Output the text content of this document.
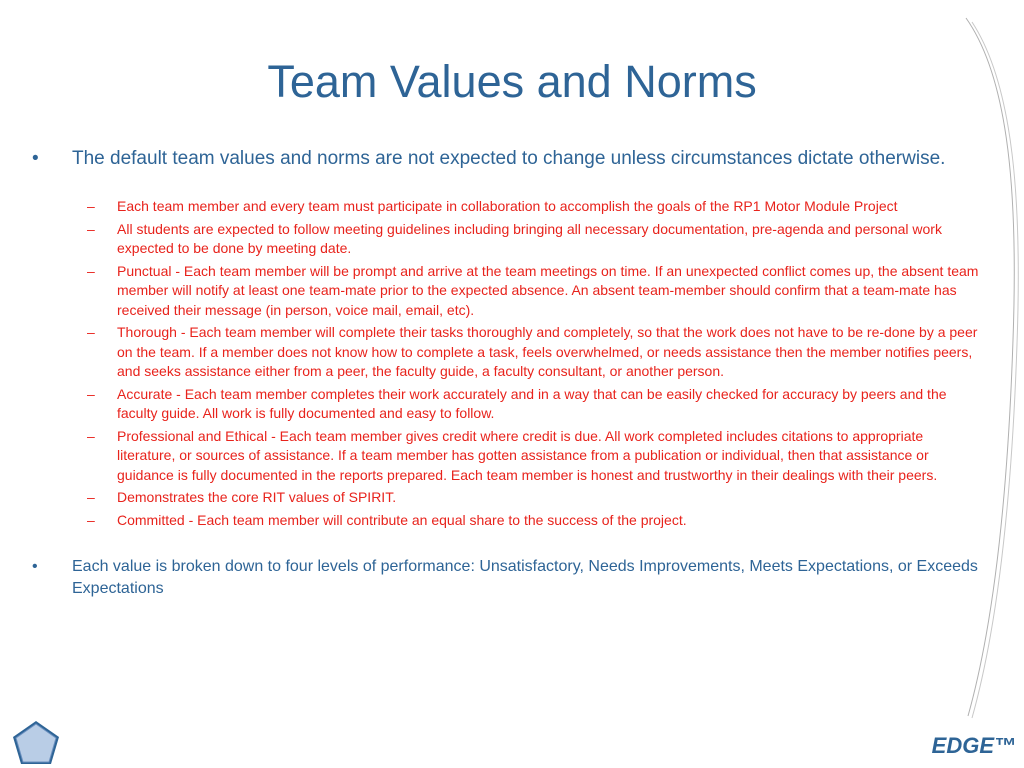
Team Values and Norms
• The default team values and norms are not expected to change unless circumstances dictate otherwise.
– Each team member and every team must participate in collaboration to accomplish the goals of the RP1 Motor Module Project
– All students are expected to follow meeting guidelines including bringing all necessary documentation, pre-agenda and personal work expected to be done by meeting date.
– Punctual - Each team member will be prompt and arrive at the team meetings on time. If an unexpected conflict comes up, the absent team member will notify at least one team-mate prior to the expected absence. An absent team-member should confirm that a team-mate has received their message (in person, voice mail, email, etc).
– Thorough - Each team member will complete their tasks thoroughly and completely, so that the work does not have to be re-done by a peer on the team. If a member does not know how to complete a task, feels overwhelmed, or needs assistance then the member notifies peers, and seeks assistance either from a peer, the faculty guide, a faculty consultant, or another person.
– Accurate - Each team member completes their work accurately and in a way that can be easily checked for accuracy by peers and the faculty guide. All work is fully documented and easy to follow.
– Professional and Ethical - Each team member gives credit where credit is due. All work completed includes citations to appropriate literature, or sources of assistance. If a team member has gotten assistance from a publication or individual, then that assistance or guidance is fully documented in the reports prepared. Each team member is honest and trustworthy in their dealings with their peers.
– Demonstrates the core RIT values of SPIRIT.
– Committed - Each team member will contribute an equal share to the success of the project.
• Each value is broken down to four levels of performance: Unsatisfactory, Needs Improvements, Meets Expectations, or Exceeds Expectations
EDGE™
